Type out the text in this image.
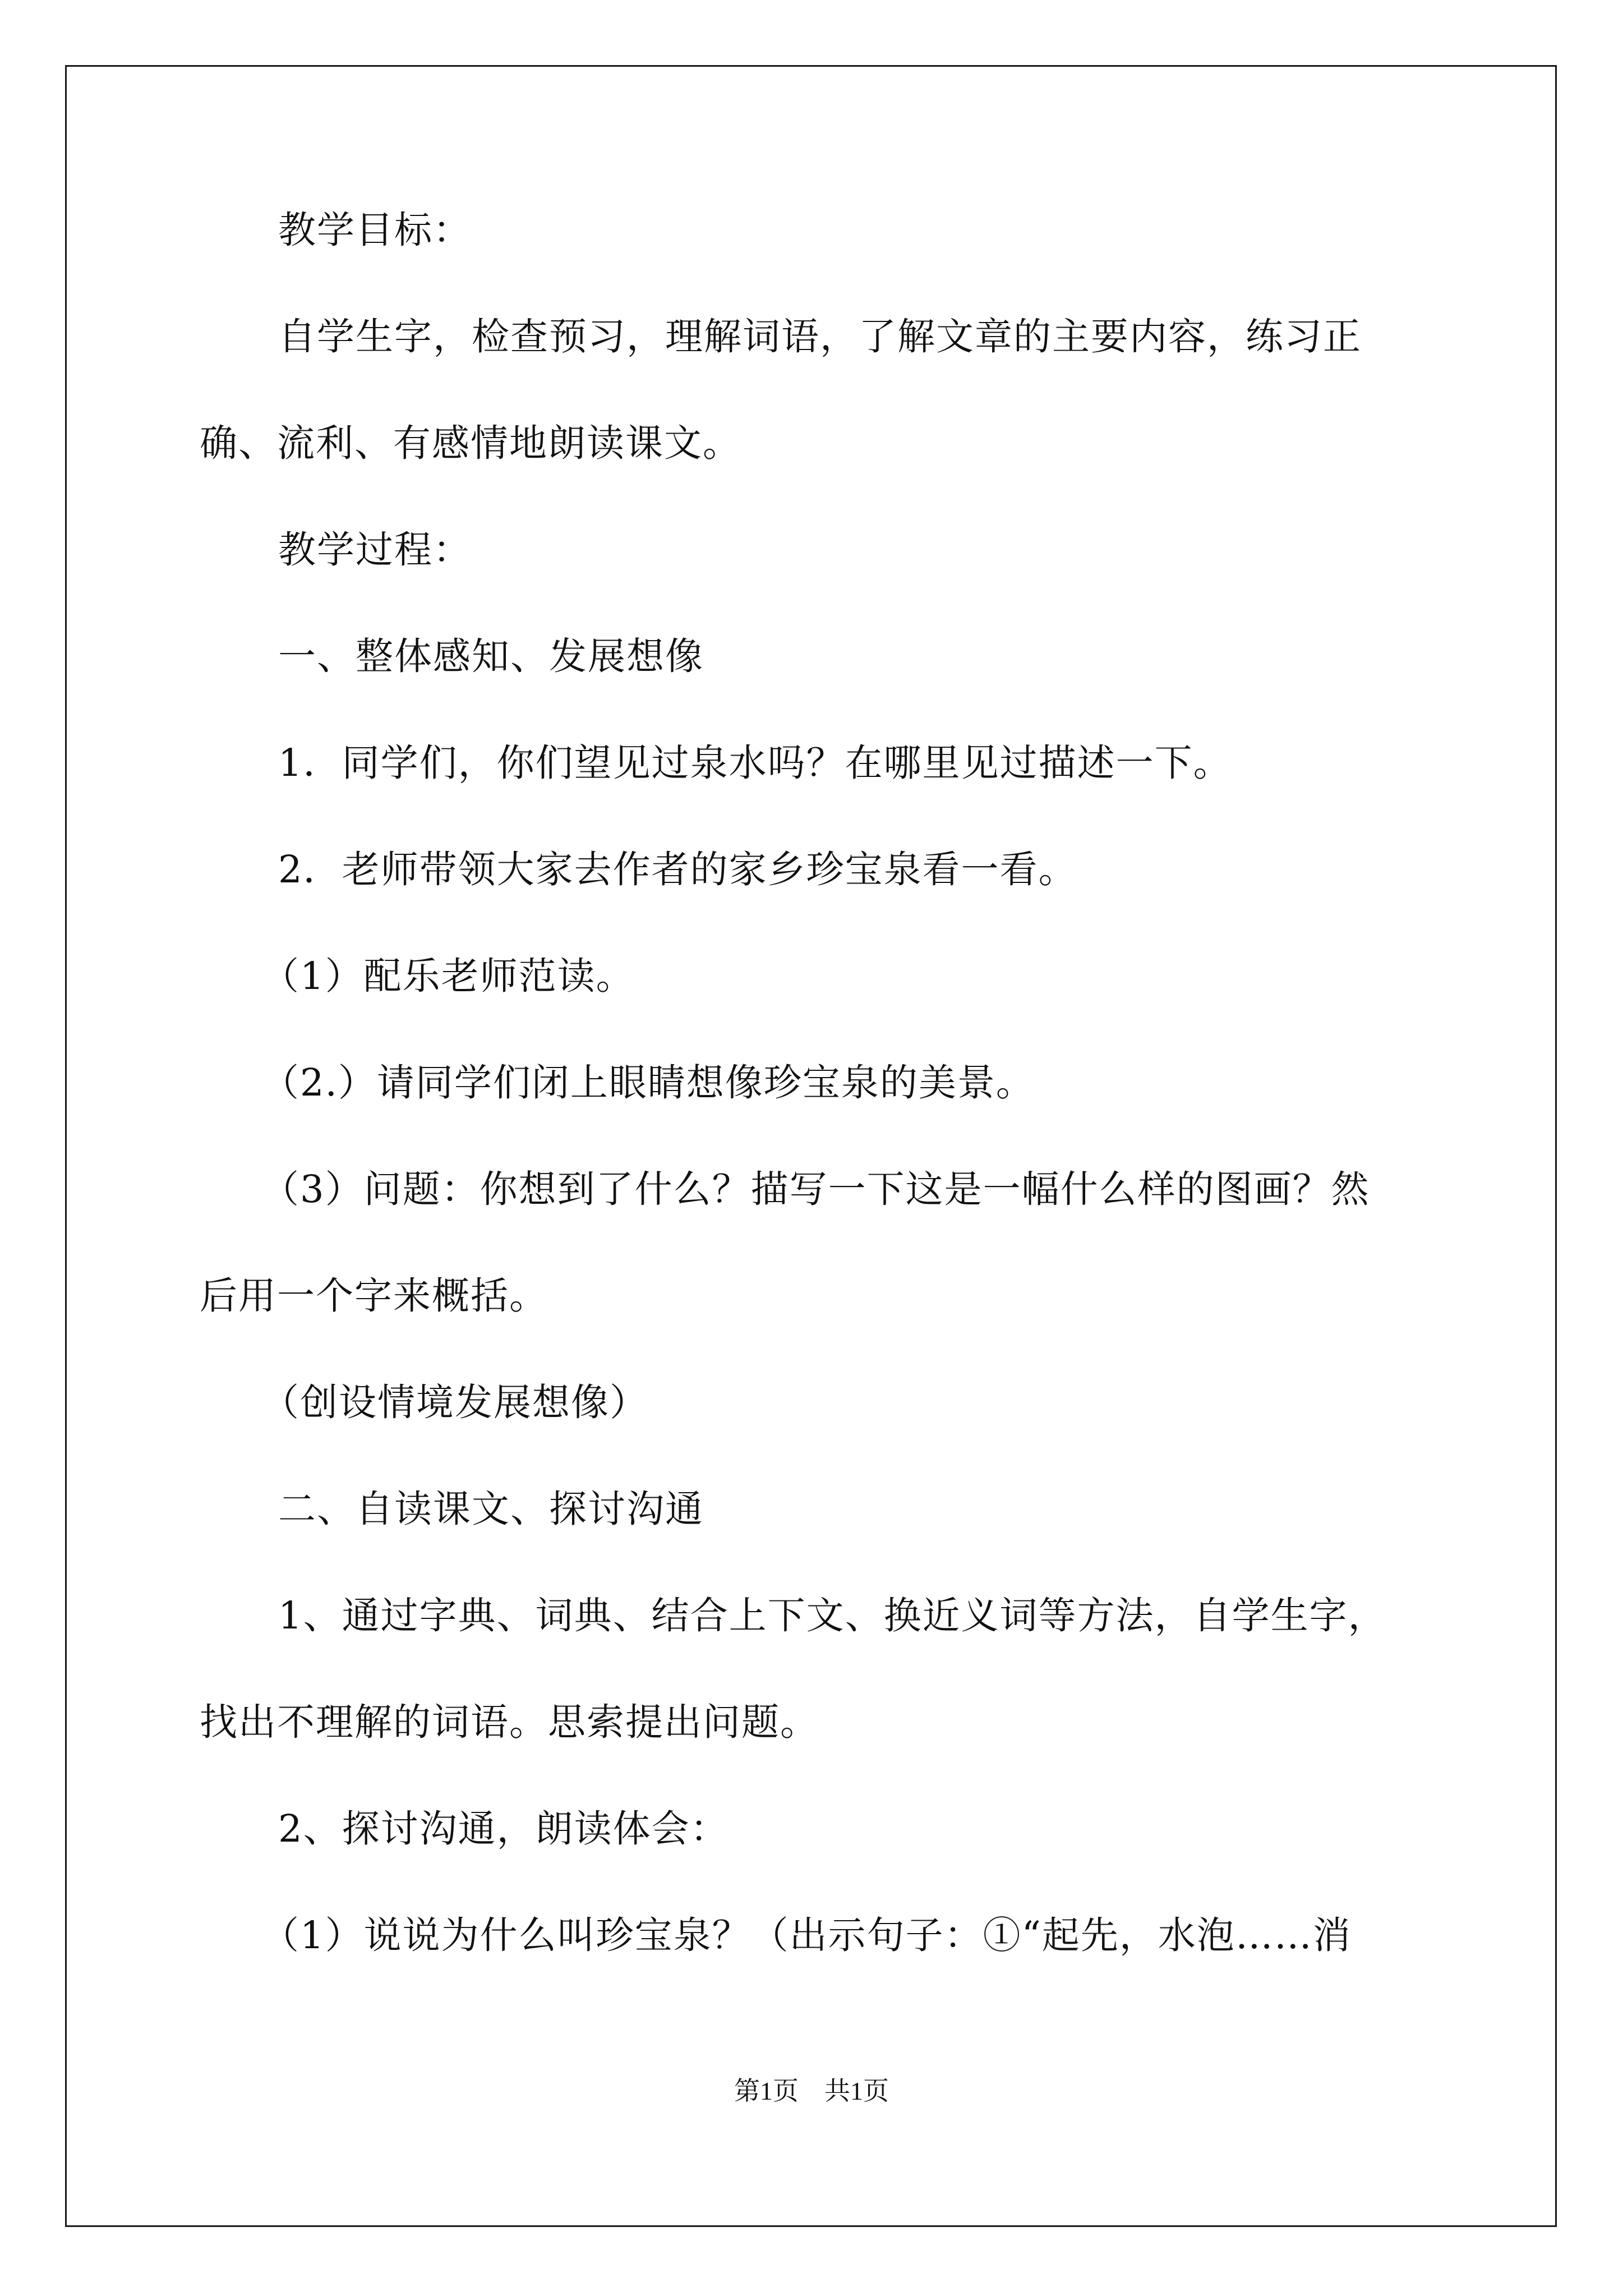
教学目标：
自学生字，检查预习，理解词语，了解文章的主要内容，练习正
确、流利、有感情地朗读课文。
教学过程：
一、整体感知、发展想像
1．同学们，你们望见过泉水吗？在哪里见过描述一下。
2．老师带领大家去作者的家乡珍宝泉看一看。
（1）配乐老师范读。
（2.）请同学们闭上眼睛想像珍宝泉的美景。
（3）问题：你想到了什么？描写一下这是一幅什么样的图画？然
后用一个字来概括。
（创设情境发展想像）
二、自读课文、探讨沟通
1、通过字典、词典、结合上下文、换近义词等方法，自学生字，
找出不理解的词语。思索提出问题。
2、探讨沟通，朗读体会：
（1）说说为什么叫珍宝泉？（出示句子：①“起先，水泡……消
第1页　共1页
